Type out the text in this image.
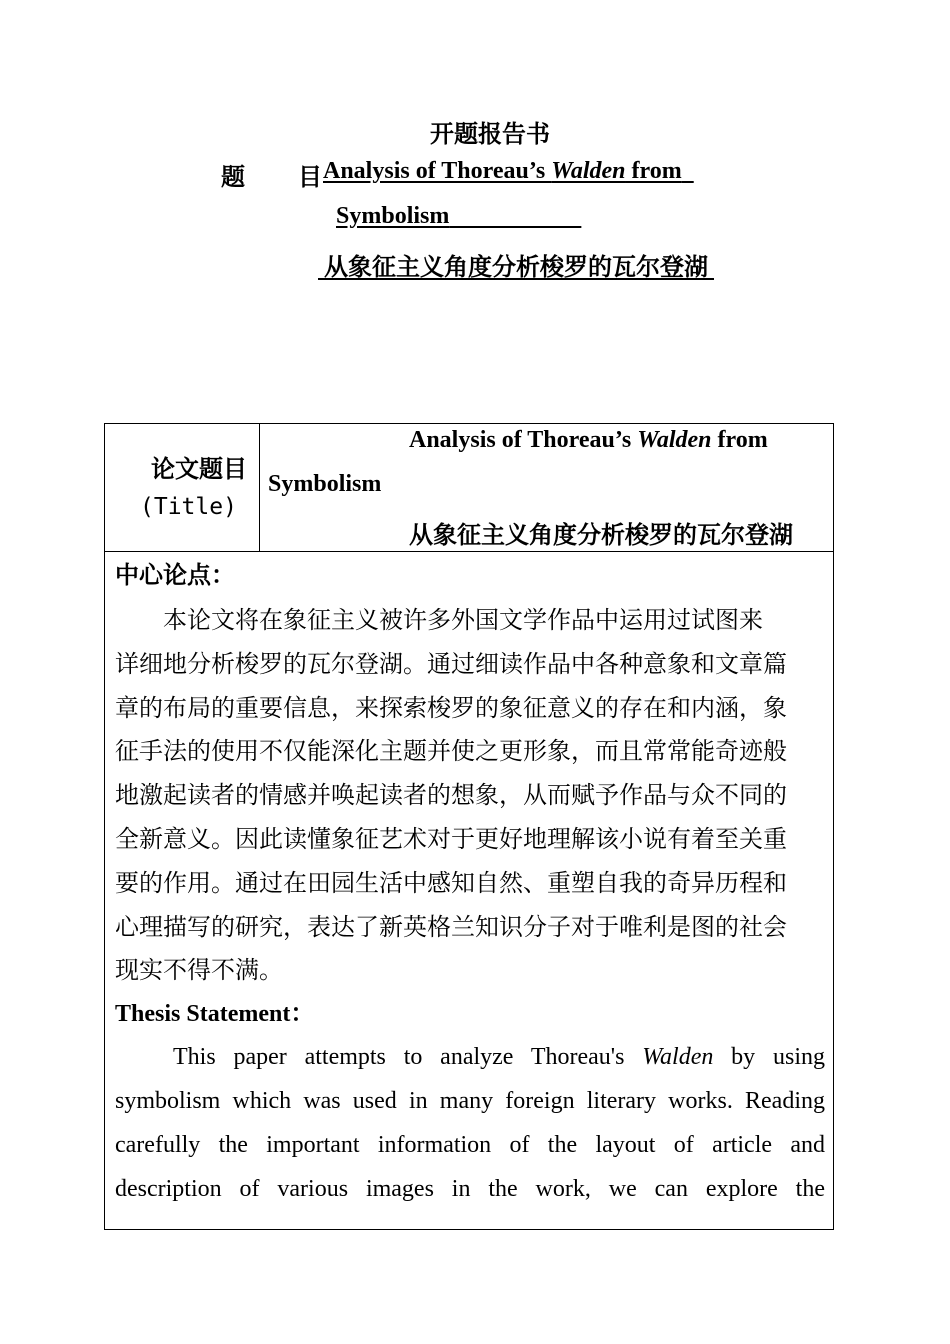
开题报告书
题 目 Analysis of Thoreau’s Walden from
Symbolism
从象征主义角度分析梭罗的瓦尔登湖
论文题目
(Title)
Analysis of Thoreau’s Walden from
Symbolism
从象征主义角度分析梭罗的瓦尔登湖
中心论点：

本论文将在象征主义被许多外国文学作品中运用过试图来
详细地分析梭罗的瓦尔登湖。通过细读作品中各种意象和文章篇
章的布局的重要信息，来探索梭罗的象征意义的存在和内涵，象
征手法的使用不仅能深化主题并使之更形象，而且常常能奇迹般
地激起读者的情感并唤起读者的想象，从而赋予作品与众不同的
全新意义。因此读懂象征艺术对于更好地理解该小说有着至关重
要的作用。通过在田园生活中感知自然、重塑自我的奇异历程和
心理描写的研究，表达了新英格兰知识分子对于唯利是图的社会
现实不得不满。

Thesis Statement：

This paper attempts to analyze Thoreau's Walden by using
symbolism which was used in many foreign literary works. Reading
carefully the important information of the layout of article and
description of various images in the work, we can explore the
